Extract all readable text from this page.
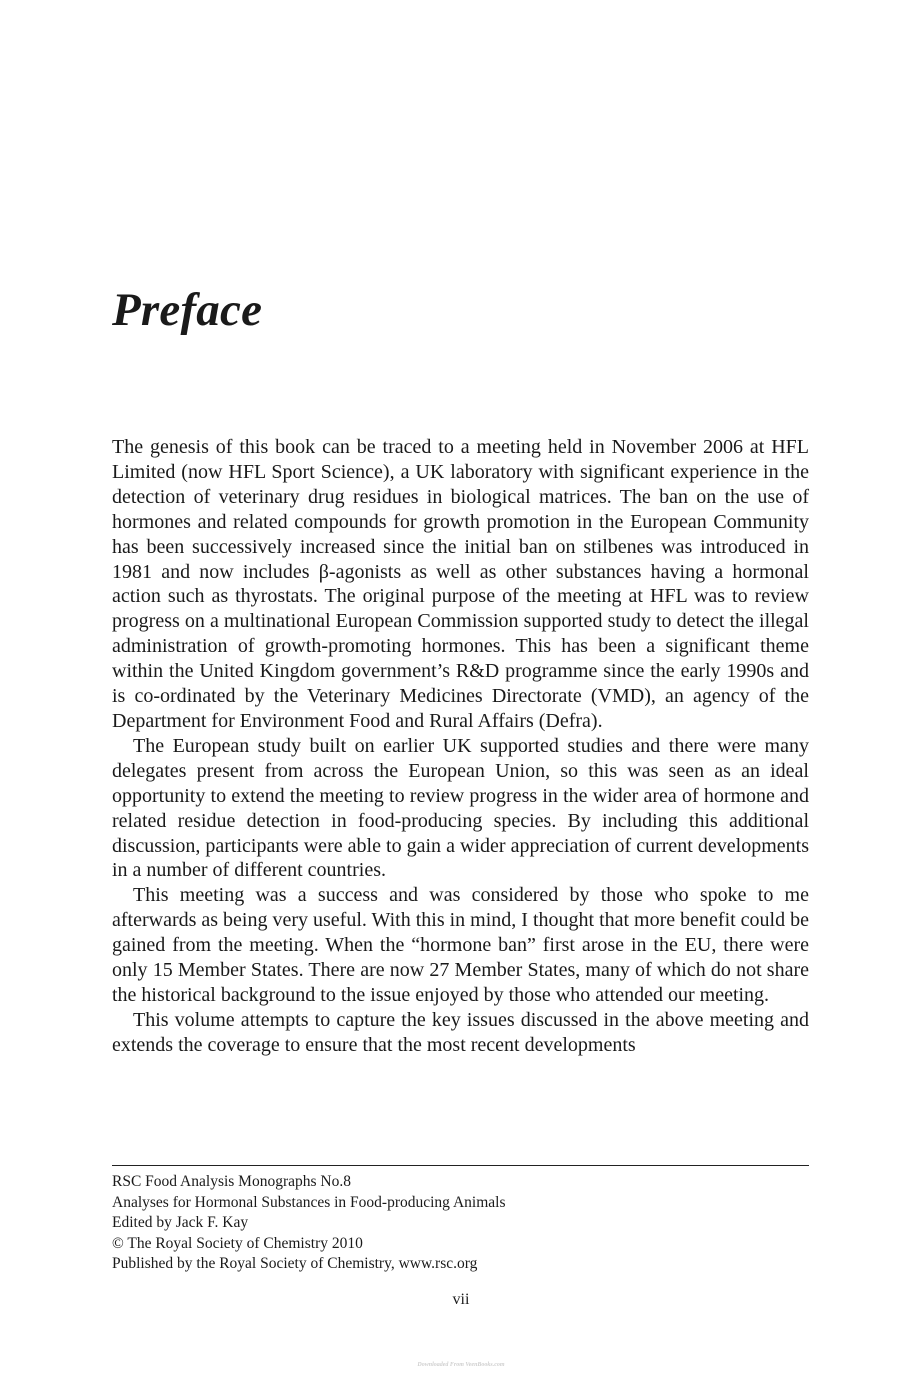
Preface

The genesis of this book can be traced to a meeting held in November 2006 at HFL Limited (now HFL Sport Science), a UK laboratory with significant experience in the detection of veterinary drug residues in biological matrices. The ban on the use of hormones and related compounds for growth promotion in the European Community has been successively increased since the initial ban on stilbenes was introduced in 1981 and now includes β-agonists as well as other substances having a hormonal action such as thyrostats. The original purpose of the meeting at HFL was to review progress on a multinational European Commission supported study to detect the illegal administration of growth-promoting hormones. This has been a significant theme within the United Kingdom government’s R&D programme since the early 1990s and is co-ordinated by the Veterinary Medicines Directorate (VMD), an agency of the Department for Environment Food and Rural Affairs (Defra).

The European study built on earlier UK supported studies and there were many delegates present from across the European Union, so this was seen as an ideal opportunity to extend the meeting to review progress in the wider area of hormone and related residue detection in food-producing species. By including this additional discussion, participants were able to gain a wider appreciation of current developments in a number of different countries.

This meeting was a success and was considered by those who spoke to me afterwards as being very useful. With this in mind, I thought that more benefit could be gained from the meeting. When the “hormone ban” first arose in the EU, there were only 15 Member States. There are now 27 Member States, many of which do not share the historical background to the issue enjoyed by those who attended our meeting.

This volume attempts to capture the key issues discussed in the above meeting and extends the coverage to ensure that the most recent developments

RSC Food Analysis Monographs No.8
Analyses for Hormonal Substances in Food-producing Animals
Edited by Jack F. Kay
© The Royal Society of Chemistry 2010
Published by the Royal Society of Chemistry, www.rsc.org
vii
Downloaded From VeenBooks.com
